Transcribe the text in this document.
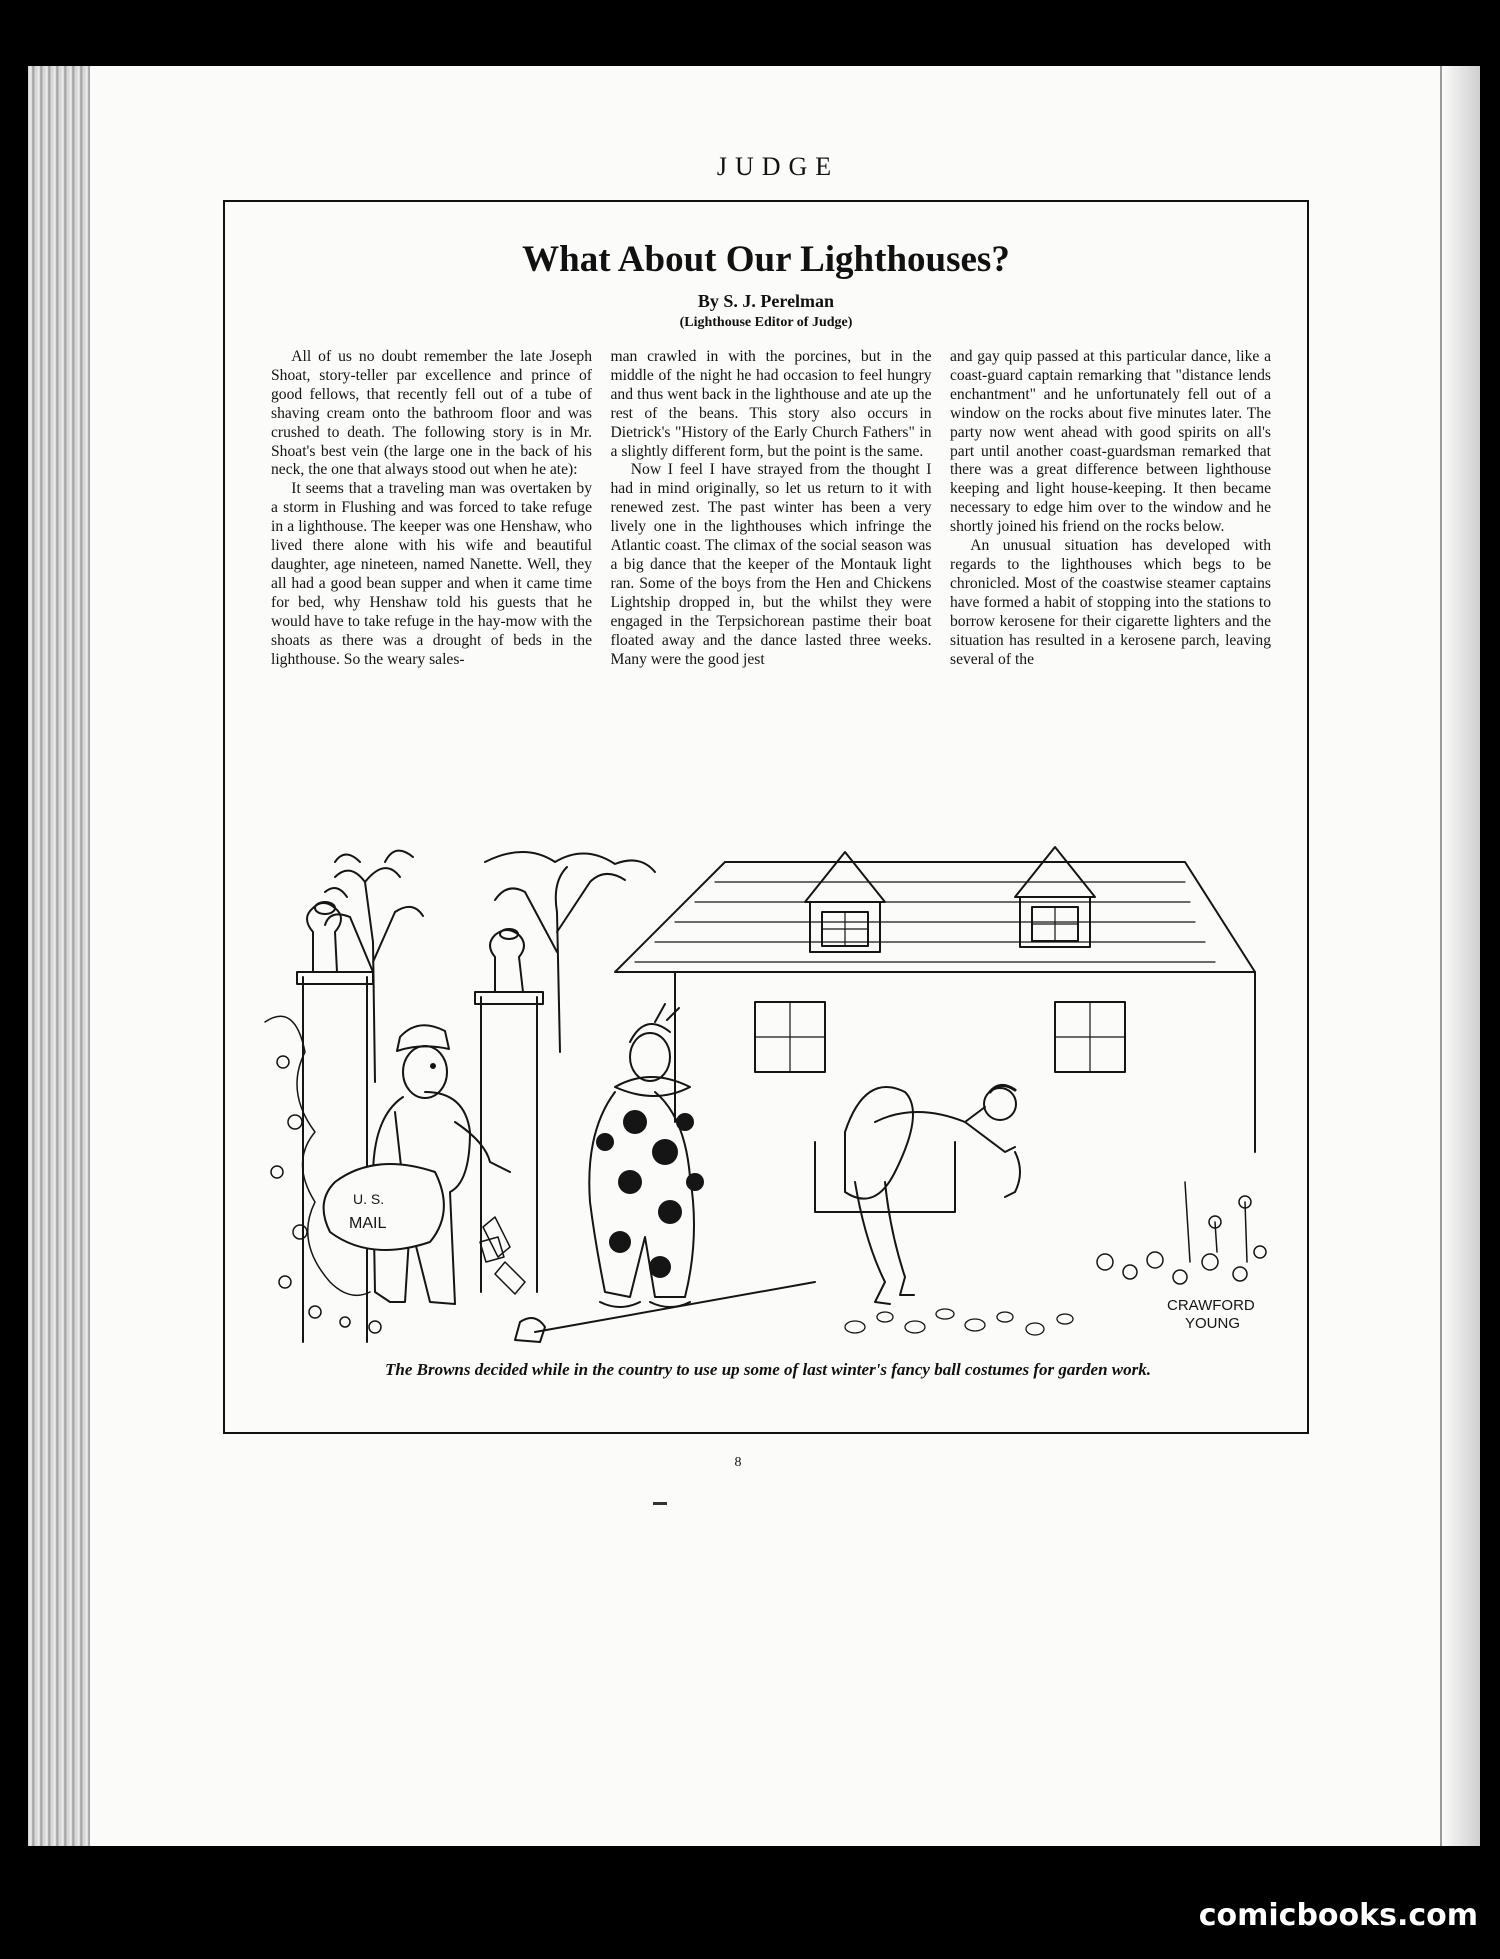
JUDGE
What About Our Lighthouses?
By S. J. Perelman
(Lighthouse Editor of Judge)

All of us no doubt remember the late Joseph Shoat, story-teller par excellence and prince of good fellows, that recently fell out of a tube of shaving cream onto the bathroom floor and was crushed to death. The following story is in Mr. Shoat's best vein (the large one in the back of his neck, the one that always stood out when he ate):

It seems that a traveling man was overtaken by a storm in Flushing and was forced to take refuge in a lighthouse. The keeper was one Henshaw, who lived there alone with his wife and beautiful daughter, age nineteen, named Nanette. Well, they all had a good bean supper and when it came time for bed, why Henshaw told his guests that he would have to take refuge in the hay-mow with the shoats as there was a drought of beds in the lighthouse. So the weary sales-

man crawled in with the porcines, but in the middle of the night he had occasion to feel hungry and thus went back in the lighthouse and ate up the rest of the beans. This story also occurs in Dietrick's "History of the Early Church Fathers" in a slightly different form, but the point is the same.

Now I feel I have strayed from the thought I had in mind originally, so let us return to it with renewed zest. The past winter has been a very lively one in the lighthouses which infringe the Atlantic coast. The climax of the social season was a big dance that the keeper of the Montauk light ran. Some of the boys from the Hen and Chickens Lightship dropped in, but the whilst they were engaged in the Terpsichorean pastime their boat floated away and the dance lasted three weeks. Many were the good jest

and gay quip passed at this particular dance, like a coast-guard captain remarking that "distance lends enchantment" and he unfortunately fell out of a window on the rocks about five minutes later. The party now went ahead with good spirits on all's part until another coast-guardsman remarked that there was a great difference between lighthouse keeping and light house-keeping. It then became necessary to edge him over to the window and he shortly joined his friend on the rocks below.

An unusual situation has developed with regards to the lighthouses which begs to be chronicled. Most of the coastwise steamer captains have formed a habit of stopping into the stations to borrow kerosene for their cigarette lighters and the situation has resulted in a kerosene parch, leaving several of the

U. S.
MAIL
CRAWFORD
YOUNG
The Browns decided while in the country to use up some of last winter's fancy ball costumes for garden work.
8
comicbooks.com
